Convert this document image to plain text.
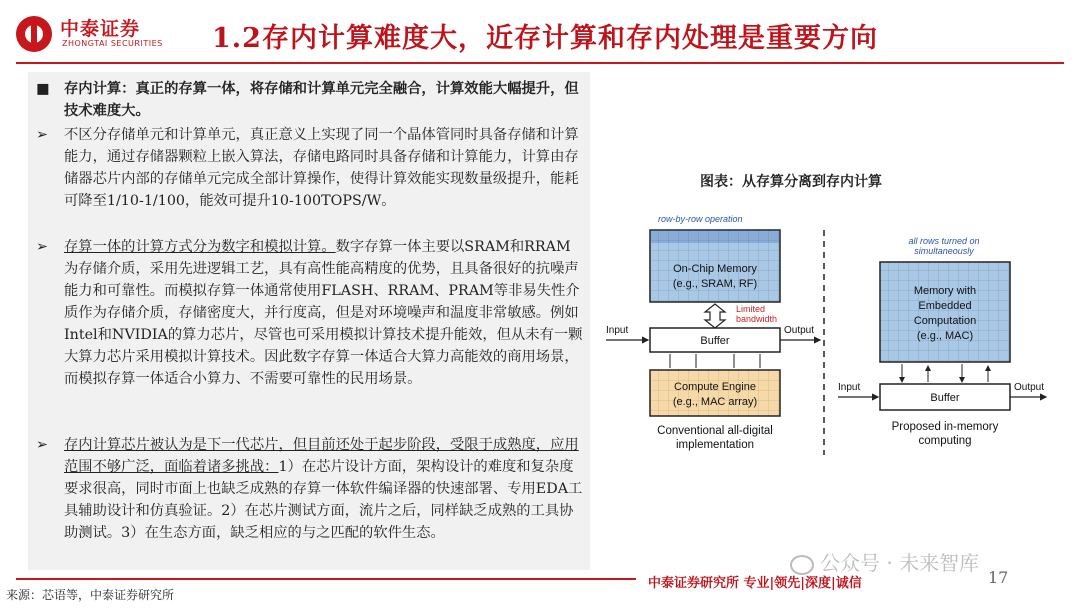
中泰证券
ZHONGTAI SECURITIES 1.2存内计算难度大，近存计算和存内处理是重要方向
■ 存内计算：真正的存算一体，将存储和计算单元完全融合，计算效能大幅提升，但技术难度大。
➢ 不区分存储单元和计算单元，真正意义上实现了同一个晶体管同时具备存储和计算能力，通过存储器颗粒上嵌入算法，存储电路同时具备存储和计算能力，计算由存储器芯片内部的存储单元完成全部计算操作，使得计算效能实现数量级提升，能耗可降至1/10-1/100，能效可提升10-100TOPS/W。
➢ 存算一体的计算方式分为数字和模拟计算。数字存算一体主要以SRAM和RRAM为存储介质，采用先进逻辑工艺，具有高性能高精度的优势，且具备很好的抗噪声能力和可靠性。而模拟存算一体通常使用FLASH、RRAM、PRAM等非易失性介质作为存储介质，存储密度大，并行度高，但是对环境噪声和温度非常敏感。例如Intel和NVIDIA的算力芯片，尽管也可采用模拟计算技术提升能效，但从未有一颗大算力芯片采用模拟计算技术。因此数字存算一体适合大算力高能效的商用场景，而模拟存算一体适合小算力、不需要可靠性的民用场景。
➢ 存内计算芯片被认为是下一代芯片，但目前还处于起步阶段，受限于成熟度，应用范围不够广泛，面临着诸多挑战：1）在芯片设计方面，架构设计的难度和复杂度要求很高，同时市面上也缺乏成熟的存算一体软件编译器的快速部署、专用EDA工具辅助设计和仿真验证。2）在芯片测试方面，流片之后，同样缺乏成熟的工具协助测试。3）在生态方面，缺乏相应的与之匹配的软件生态。
图表：从存算分离到存内计算
row-by-row operation
On-Chip Memory
(e.g., SRAM, RF)
Limited
bandwidth
Buffer
Input	Output
Compute Engine
(e.g., MAC array)
Conventional all-digital
implementation
all rows turned on
simultaneously
Memory with
Embedded
Computation
(e.g., MAC)
Buffer
Input	Output
Proposed in-memory
computing
公众号 · 未来智库
中泰证券研究所 专业|领先|深度|诚信	17
来源：芯语等，中泰证券研究所
